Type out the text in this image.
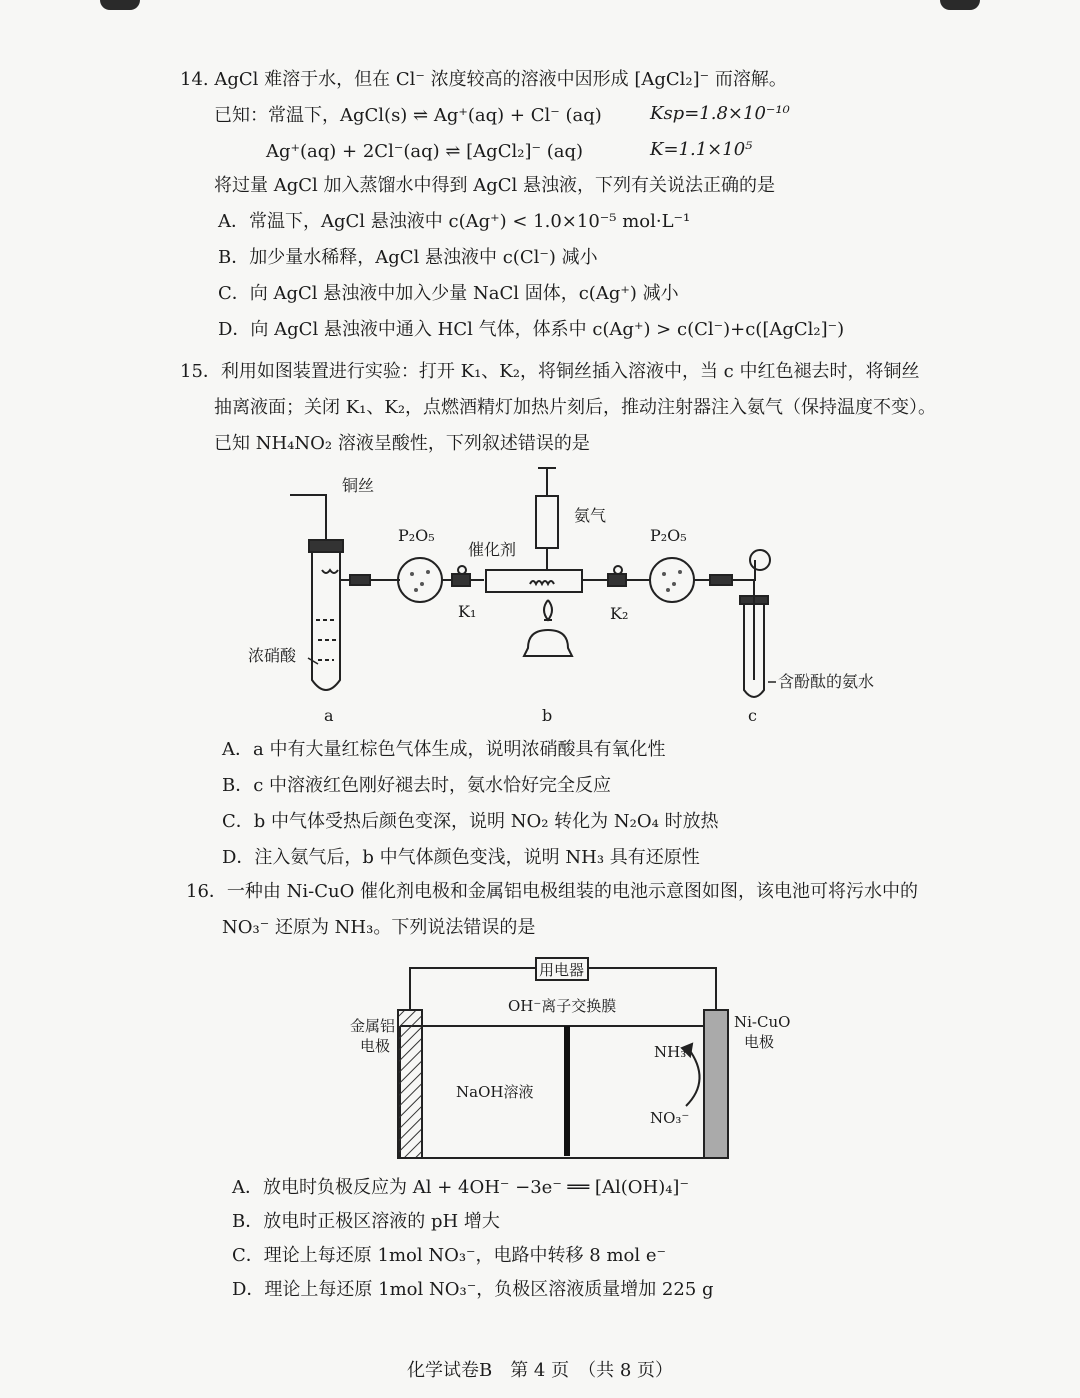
14. AgCl 难溶于水，但在 Cl⁻ 浓度较高的溶液中因形成 [AgCl₂]⁻ 而溶解。
已知：常温下，AgCl(s) ⇌ Ag⁺(aq) + Cl⁻ (aq)	Ksp=1.8×10⁻¹⁰
Ag⁺(aq) + 2Cl⁻(aq) ⇌ [AgCl₂]⁻ (aq)	K=1.1×10⁵
将过量 AgCl 加入蒸馏水中得到 AgCl 悬浊液，下列有关说法正确的是
A．常温下，AgCl 悬浊液中 c(Ag⁺) < 1.0×10⁻⁵ mol·L⁻¹
B．加少量水稀释，AgCl 悬浊液中 c(Cl⁻) 减小
C．向 AgCl 悬浊液中加入少量 NaCl 固体，c(Ag⁺) 减小
D．向 AgCl 悬浊液中通入 HCl 气体，体系中 c(Ag⁺) > c(Cl⁻)+c([AgCl₂]⁻)
15．利用如图装置进行实验：打开 K₁、K₂，将铜丝插入溶液中，当 c 中红色褪去时，将铜丝
抽离液面；关闭 K₁、K₂，点燃酒精灯加热片刻后，推动注射器注入氨气（保持温度不变）。
已知 NH₄NO₂ 溶液呈酸性，下列叙述错误的是
铜丝
氨气
P₂O₅	P₂O₅
催化剂
K₁	K₂
浓硝酸
含酚酞的氨水
a	b	c
A．a 中有大量红棕色气体生成，说明浓硝酸具有氧化性
B．c 中溶液红色刚好褪去时，氨水恰好完全反应
C．b 中气体受热后颜色变深，说明 NO₂ 转化为 N₂O₄ 时放热
D．注入氨气后，b 中气体颜色变浅，说明 NH₃ 具有还原性
16．一种由 Ni-CuO 催化剂电极和金属铝电极组装的电池示意图如图，该电池可将污水中的
NO₃⁻ 还原为 NH₃。下列说法错误的是
用电器
OH⁻离子交换膜
金属铝
电极
Ni-CuO
电极
NaOH溶液
NH₃
NO₃⁻
A．放电时负极反应为 Al + 4OH⁻ −3e⁻ ══ [Al(OH)₄]⁻
B．放电时正极区溶液的 pH 增大
C．理论上每还原 1mol NO₃⁻，电路中转移 8 mol e⁻
D．理论上每还原 1mol NO₃⁻，负极区溶液质量增加 225 g
化学试卷B　第 4 页　（共 8 页）
